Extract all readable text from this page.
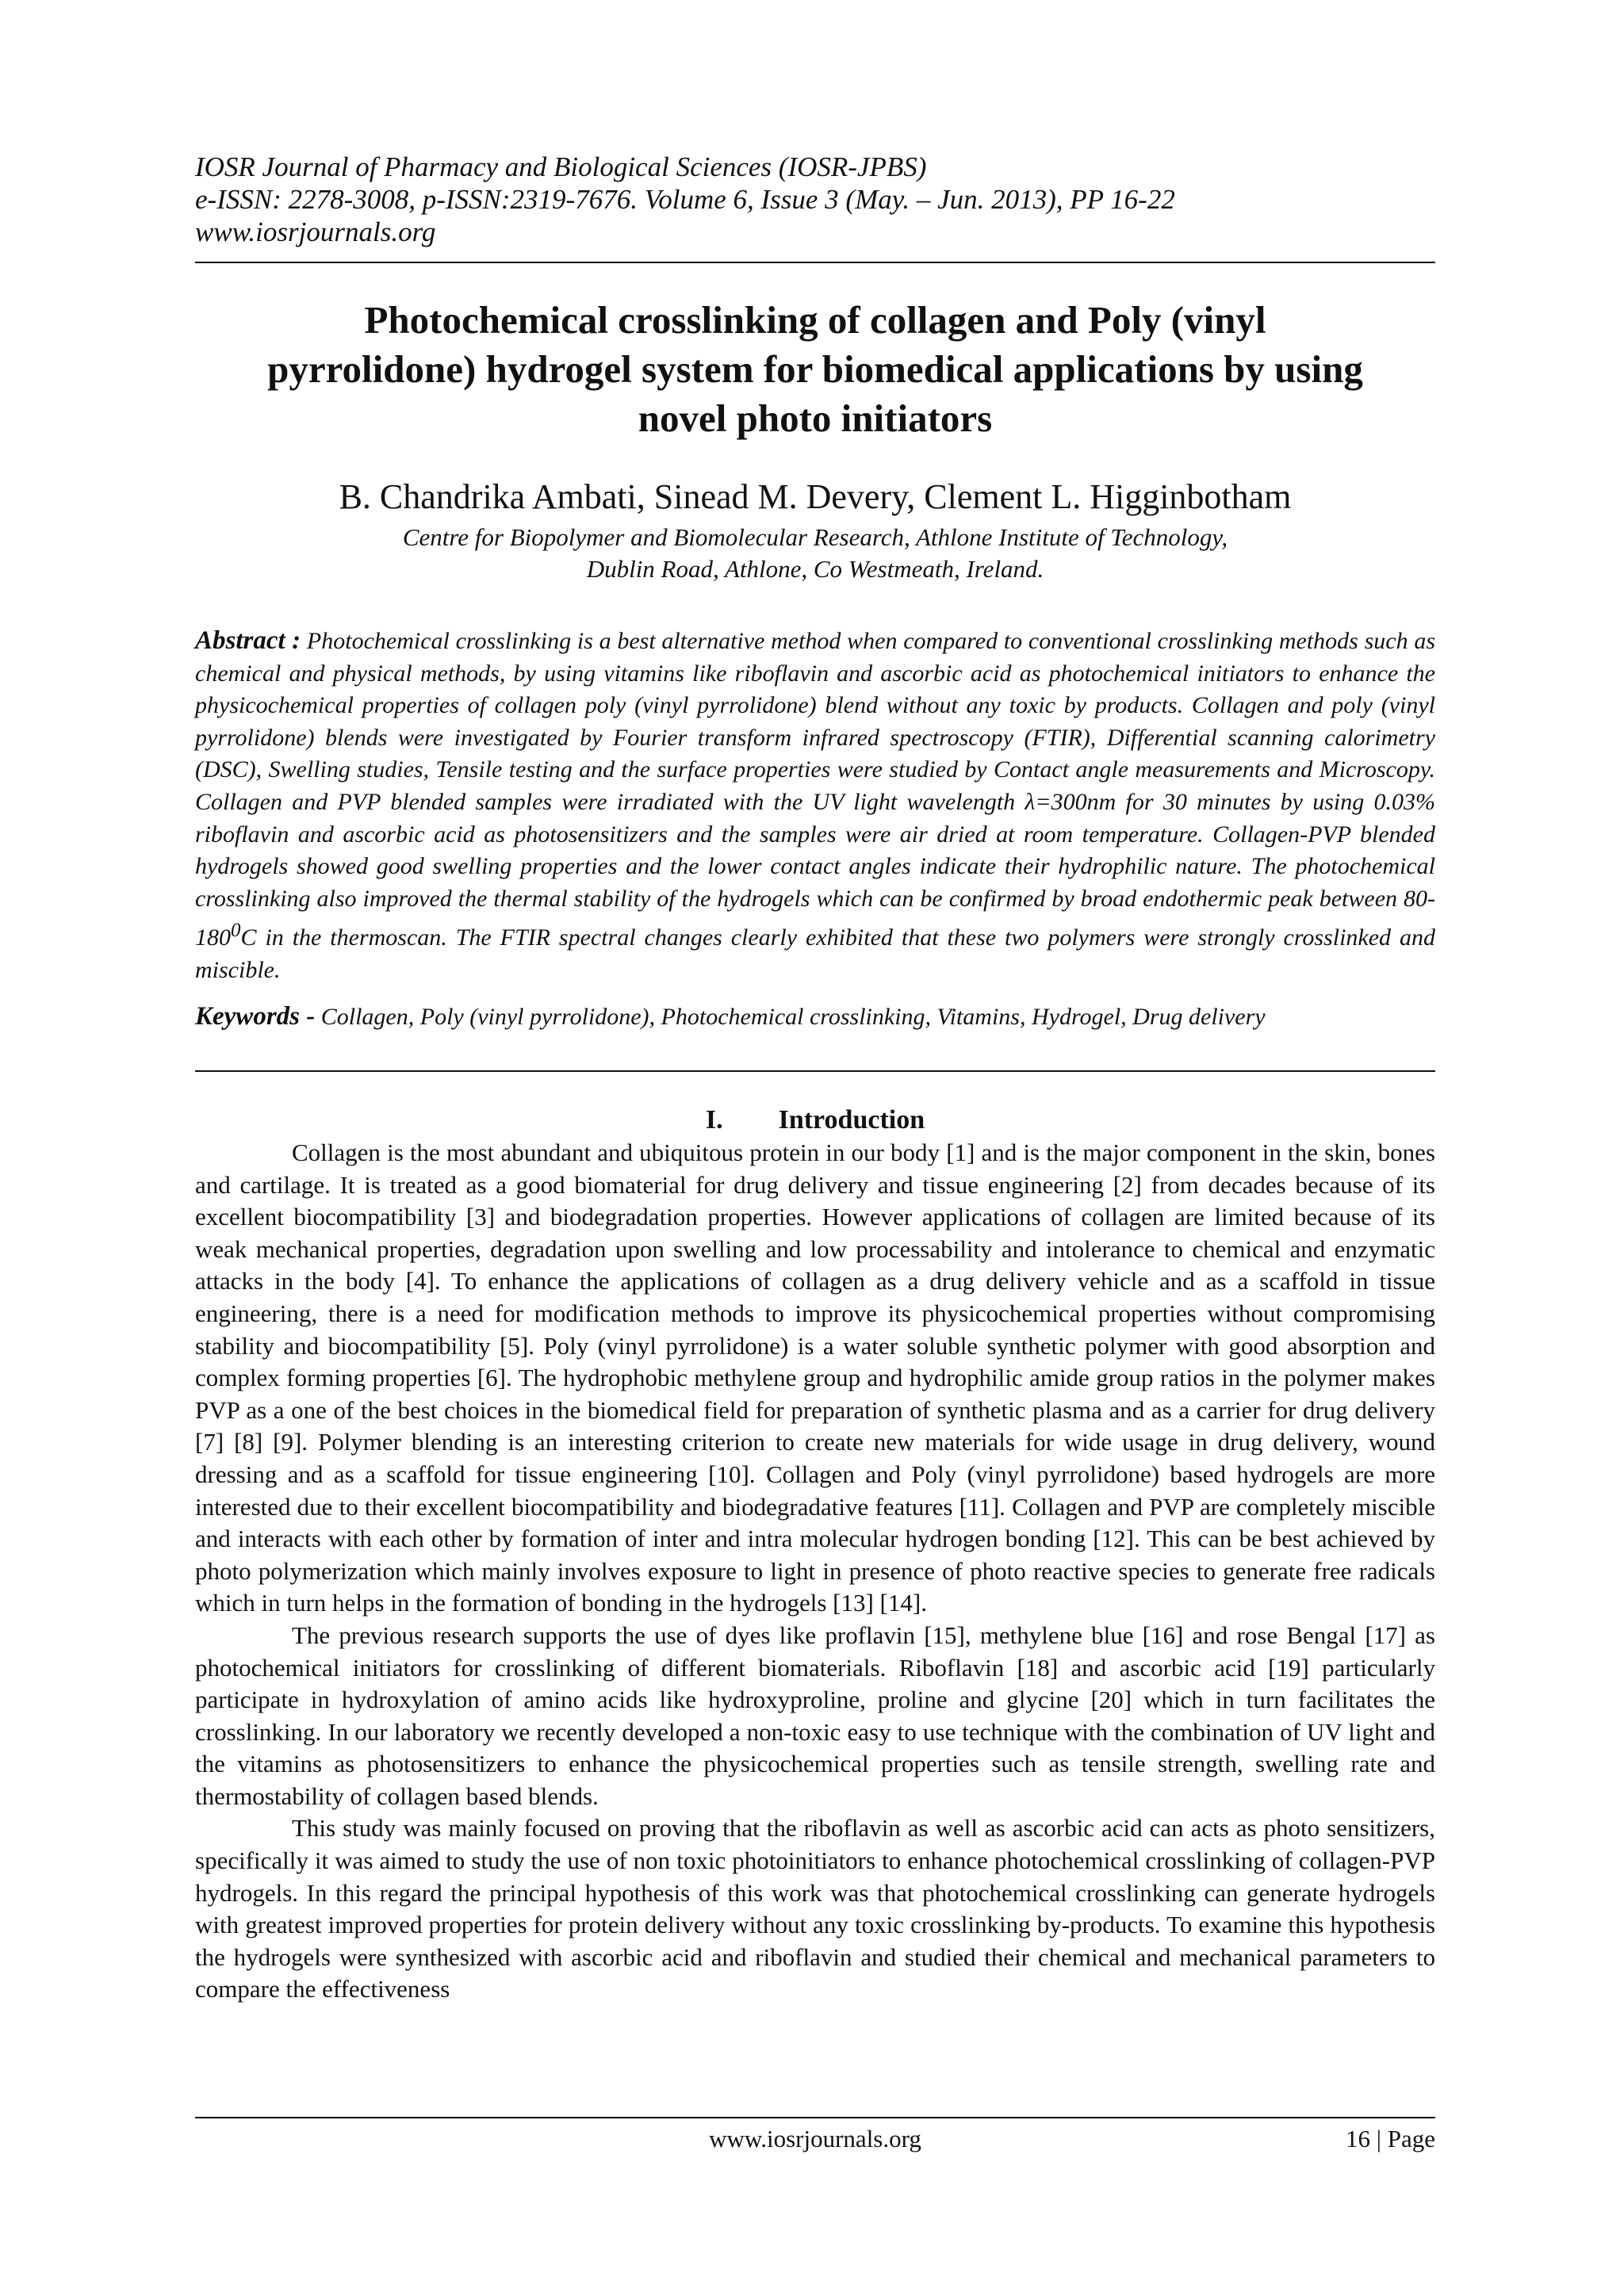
IOSR Journal of Pharmacy and Biological Sciences (IOSR-JPBS)
e-ISSN: 2278-3008, p-ISSN:2319-7676. Volume 6, Issue 3 (May. – Jun. 2013), PP 16-22
www.iosrjournals.org
Photochemical crosslinking of collagen and Poly (vinyl
pyrrolidone) hydrogel system for biomedical applications by using
novel photo initiators
B. Chandrika Ambati, Sinead M. Devery, Clement L. Higginbotham
Centre for Biopolymer and Biomolecular Research, Athlone Institute of Technology,
Dublin Road, Athlone, Co Westmeath, Ireland.

Abstract : Photochemical crosslinking is a best alternative method when compared to conventional crosslinking methods such as chemical and physical methods, by using vitamins like riboflavin and ascorbic acid as photochemical initiators to enhance the physicochemical properties of collagen poly (vinyl pyrrolidone) blend without any toxic by products. Collagen and poly (vinyl pyrrolidone) blends were investigated by Fourier transform infrared spectroscopy (FTIR), Differential scanning calorimetry (DSC), Swelling studies, Tensile testing and the surface properties were studied by Contact angle measurements and Microscopy. Collagen and PVP blended samples were irradiated with the UV light wavelength λ=300nm for 30 minutes by using 0.03% riboflavin and ascorbic acid as photosensitizers and the samples were air dried at room temperature. Collagen-PVP blended hydrogels showed good swelling properties and the lower contact angles indicate their hydrophilic nature. The photochemical crosslinking also improved the thermal stability of the hydrogels which can be confirmed by broad endothermic peak between $80-180^0C$ in the thermoscan. The FTIR spectral changes clearly exhibited that these two polymers were strongly crosslinked and miscible.

Keywords - Collagen, Poly (vinyl pyrrolidone), Photochemical crosslinking, Vitamins, Hydrogel, Drug delivery

I. Introduction

Collagen is the most abundant and ubiquitous protein in our body [1] and is the major component in the skin, bones and cartilage. It is treated as a good biomaterial for drug delivery and tissue engineering [2] from decades because of its excellent biocompatibility [3] and biodegradation properties. However applications of collagen are limited because of its weak mechanical properties, degradation upon swelling and low processability and intolerance to chemical and enzymatic attacks in the body [4]. To enhance the applications of collagen as a drug delivery vehicle and as a scaffold in tissue engineering, there is a need for modification methods to improve its physicochemical properties without compromising stability and biocompatibility [5]. Poly (vinyl pyrrolidone) is a water soluble synthetic polymer with good absorption and complex forming properties [6]. The hydrophobic methylene group and hydrophilic amide group ratios in the polymer makes PVP as a one of the best choices in the biomedical field for preparation of synthetic plasma and as a carrier for drug delivery [7] [8] [9]. Polymer blending is an interesting criterion to create new materials for wide usage in drug delivery, wound dressing and as a scaffold for tissue engineering [10]. Collagen and Poly (vinyl pyrrolidone) based hydrogels are more interested due to their excellent biocompatibility and biodegradative features [11]. Collagen and PVP are completely miscible and interacts with each other by formation of inter and intra molecular hydrogen bonding [12]. This can be best achieved by photo polymerization which mainly involves exposure to light in presence of photo reactive species to generate free radicals which in turn helps in the formation of bonding in the hydrogels [13] [14].

The previous research supports the use of dyes like proflavin [15], methylene blue [16] and rose Bengal [17] as photochemical initiators for crosslinking of different biomaterials. Riboflavin [18] and ascorbic acid [19] particularly participate in hydroxylation of amino acids like hydroxyproline, proline and glycine [20] which in turn facilitates the crosslinking. In our laboratory we recently developed a non-toxic easy to use technique with the combination of UV light and the vitamins as photosensitizers to enhance the physicochemical properties such as tensile strength, swelling rate and thermostability of collagen based blends.

This study was mainly focused on proving that the riboflavin as well as ascorbic acid can acts as photo sensitizers, specifically it was aimed to study the use of non toxic photoinitiators to enhance photochemical crosslinking of collagen-PVP hydrogels. In this regard the principal hypothesis of this work was that photochemical crosslinking can generate hydrogels with greatest improved properties for protein delivery without any toxic crosslinking by-products. To examine this hypothesis the hydrogels were synthesized with ascorbic acid and riboflavin and studied their chemical and mechanical parameters to compare the effectiveness

www.iosrjournals.org	16 | Page
